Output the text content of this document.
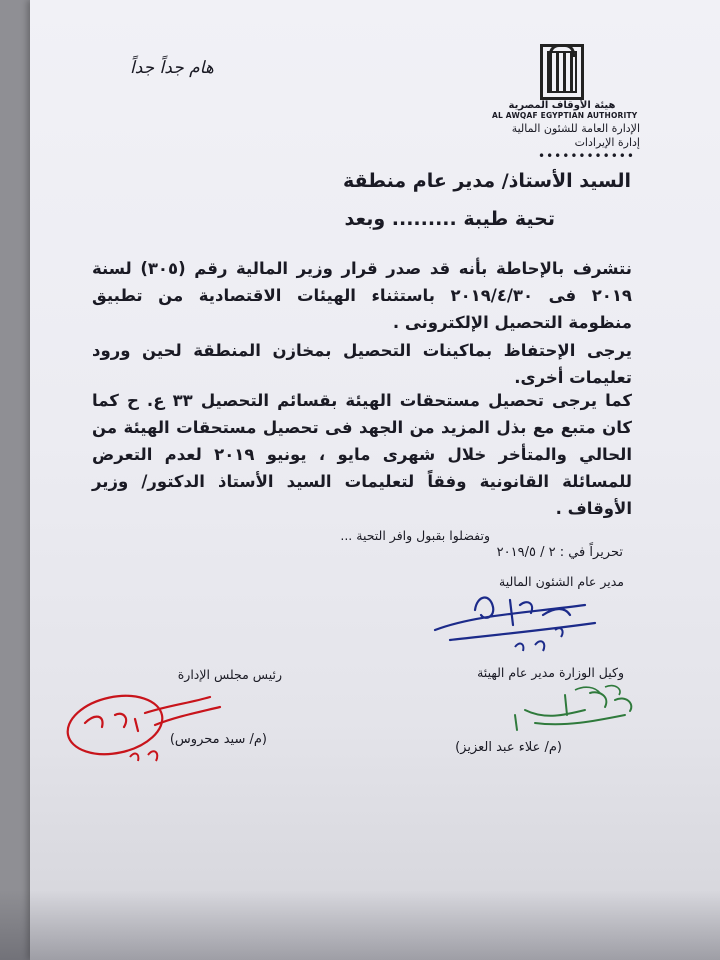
هام جداً جداً
هيئة الأوقاف المصرية
AL AWQAF EGYPTIAN AUTHORITY
الإدارة العامة للشئون المالية
إدارة الإيرادات
••••••••••••
السيد الأستاذ/ مدير عام منطقة
تحية طيبة ......... وبعد
نتشرف بالإحاطة بأنه قد صدر قرار وزير المالية رقم (٣٠٥) لسنة ٢٠١٩ فى ٢٠١٩/٤/٣٠ باستثناء الهيئات الاقتصادية من تطبيق منظومة التحصيل الإلكترونى .
يرجى الإحتفاظ بماكينات التحصيل بمخازن المنطقة لحين ورود تعليمات أخرى.
كما يرجى تحصيل مستحقات الهيئة بقسائم التحصيل ٣٣ ع. ح كما كان متبع مع بذل المزيد من الجهد فى تحصيل مستحقات الهيئة من الحالي والمتأخر خلال شهرى مايو ، يونيو ٢٠١٩ لعدم التعرض للمسائلة القانونية وفقاً لتعليمات السيد الأستاذ الدكتور/ وزير الأوقاف .
وتفضلوا بقبول وافر التحية ...
تحريراً في : ٢ / ٢٠١٩/٥
مدير عام الشئون المالية
وكيل الوزارة مدير عام الهيئة
(م/ علاء عبد العزيز)
رئيس مجلس الإدارة
(م/ سيد محروس)
